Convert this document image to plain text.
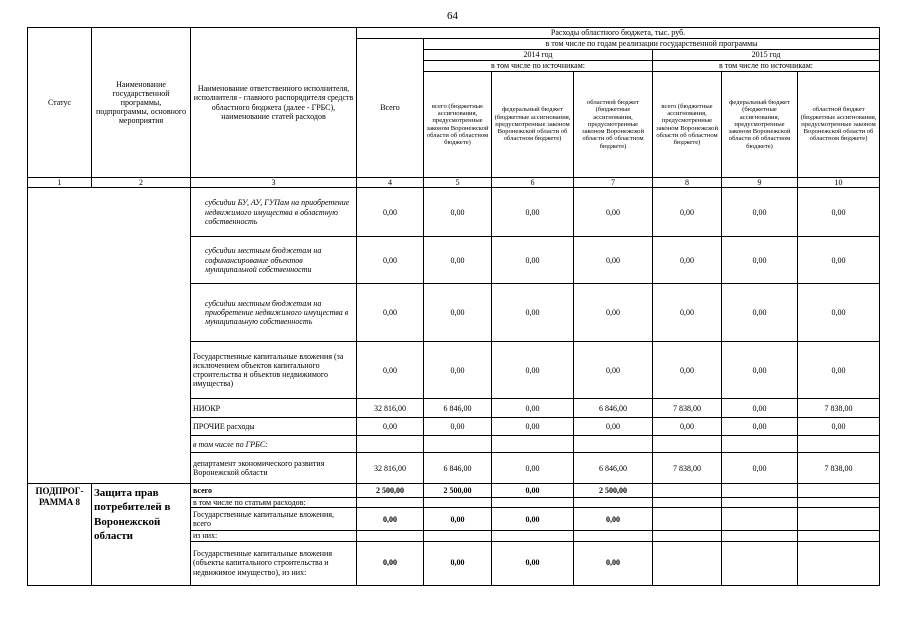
64
Статус	Наименование государственной программы, подпрограммы, основного мероприятия	Наименование ответственного исполнителя, исполнителя - главного распорядителя средств областного бюджета (далее - ГРБС), наименование статей расходов	Расходы областного бюджета, тыс. руб.						
			Всего	в том числе по годам реализации государственной программы					
				2014 год			2015 год		
				в том числе по источникам:			в том числе по источникам:		
				всего (бюджетные ассигнования, предусмотренные законом Воронежской области об областном бюджете)	федеральный бюджет (бюджетные ассигнования, предусмотренные законом Воронежской области об областном бюджете)	областной бюджет (бюджетные ассигнования, предусмотренные законом Воронежской области об областном бюджете)	всего (бюджетные ассигнования, предусмотренные законом Воронежской области об областном бюджете)	федеральный бюджет (бюджетные ассигнования, предусмотренные законом Воронежской области об областном бюджете)	областной бюджет (бюджетные ассигнования, предусмотренные законом Воронежской области об областном бюджете)
1	2	3	4	5	6	7	8	9	10
		субсидии БУ, АУ, ГУПам на приобретение недвижимого имущества в областную собственность	0,00	0,00	0,00	0,00	0,00	0,00	0,00
		субсидии местным бюджетам на софинансирование объектов муниципальной собственности	0,00	0,00	0,00	0,00	0,00	0,00	0,00
		субсидии местным бюджетам на приобретение недвижимого имущества в муниципальную собственность	0,00	0,00	0,00	0,00	0,00	0,00	0,00
		Государственные капитальные вложения (за исключением объектов капитального строительства и объектов недвижимого имущества)	0,00	0,00	0,00	0,00	0,00	0,00	0,00
		НИОКР	32 816,00	6 846,00	0,00	6 846,00	7 838,00	0,00	7 838,00
		ПРОЧИЕ расходы	0,00	0,00	0,00	0,00	0,00	0,00	0,00
		в том числе по ГРБС:							
		департамент экономического развития Воронежской области	32 816,00	6 846,00	0,00	6 846,00	7 838,00	0,00	7 838,00
ПОДПРОГ-РАММА 8	Защита прав потребителей в Воронежской области	всего	2 500,00	2 500,00	0,00	2 500,00			
		в том числе по статьям расходов:							
		Государственные капитальные вложения, всего	0,00	0,00	0,00	0,00			
		из них:							
		Государственные капитальные вложения (объекты капитального строительства и недвижимое имущество), из них:	0,00	0,00	0,00	0,00			
